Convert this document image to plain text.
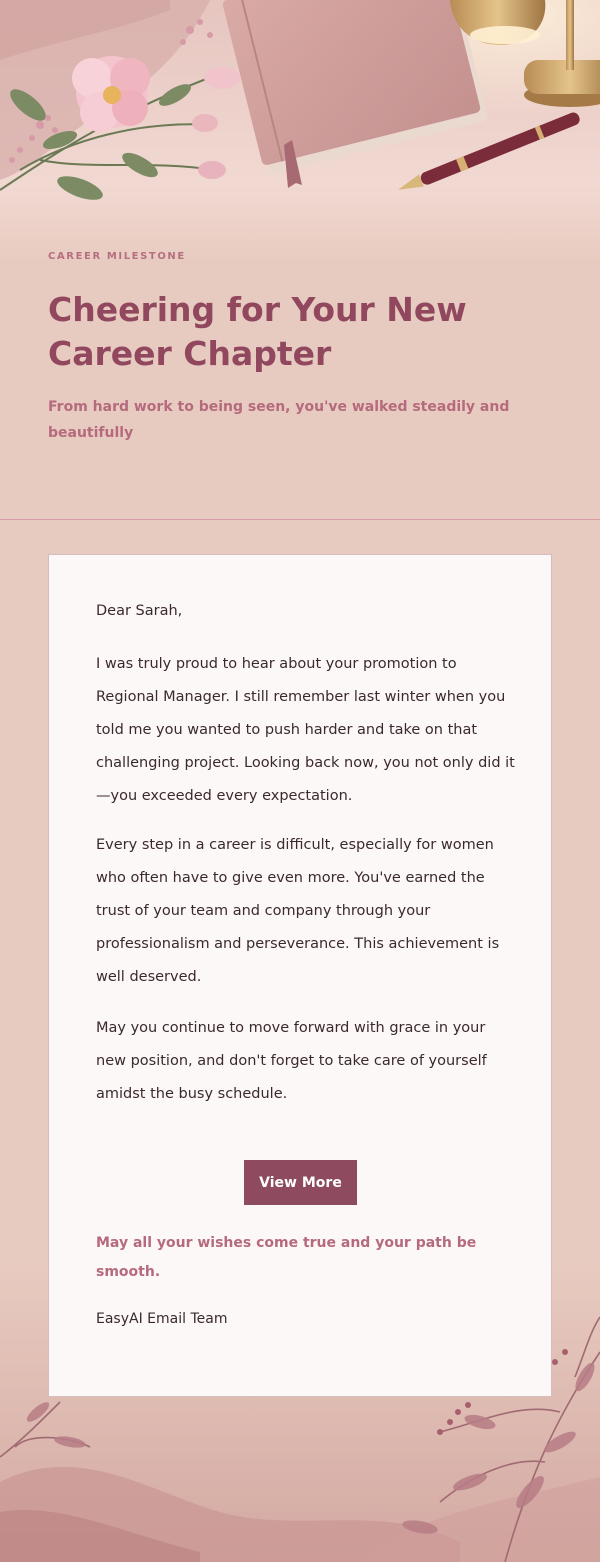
CAREER MILESTONE
Cheering for Your New Career Chapter

From hard work to being seen, you've walked steadily and beautifully

Dear Sarah,

I was truly proud to hear about your promotion to Regional Manager. I still remember last winter when you told me you wanted to push harder and take on that challenging project. Looking back now, you not only did it—you exceeded every expectation.

Every step in a career is difficult, especially for women who often have to give even more. You've earned the trust of your team and company through your professionalism and perseverance. This achievement is well deserved.

May you continue to move forward with grace in your new position, and don't forget to take care of yourself amidst the busy schedule.

View More

May all your wishes come true and your path be smooth.

EasyAI Email Team
